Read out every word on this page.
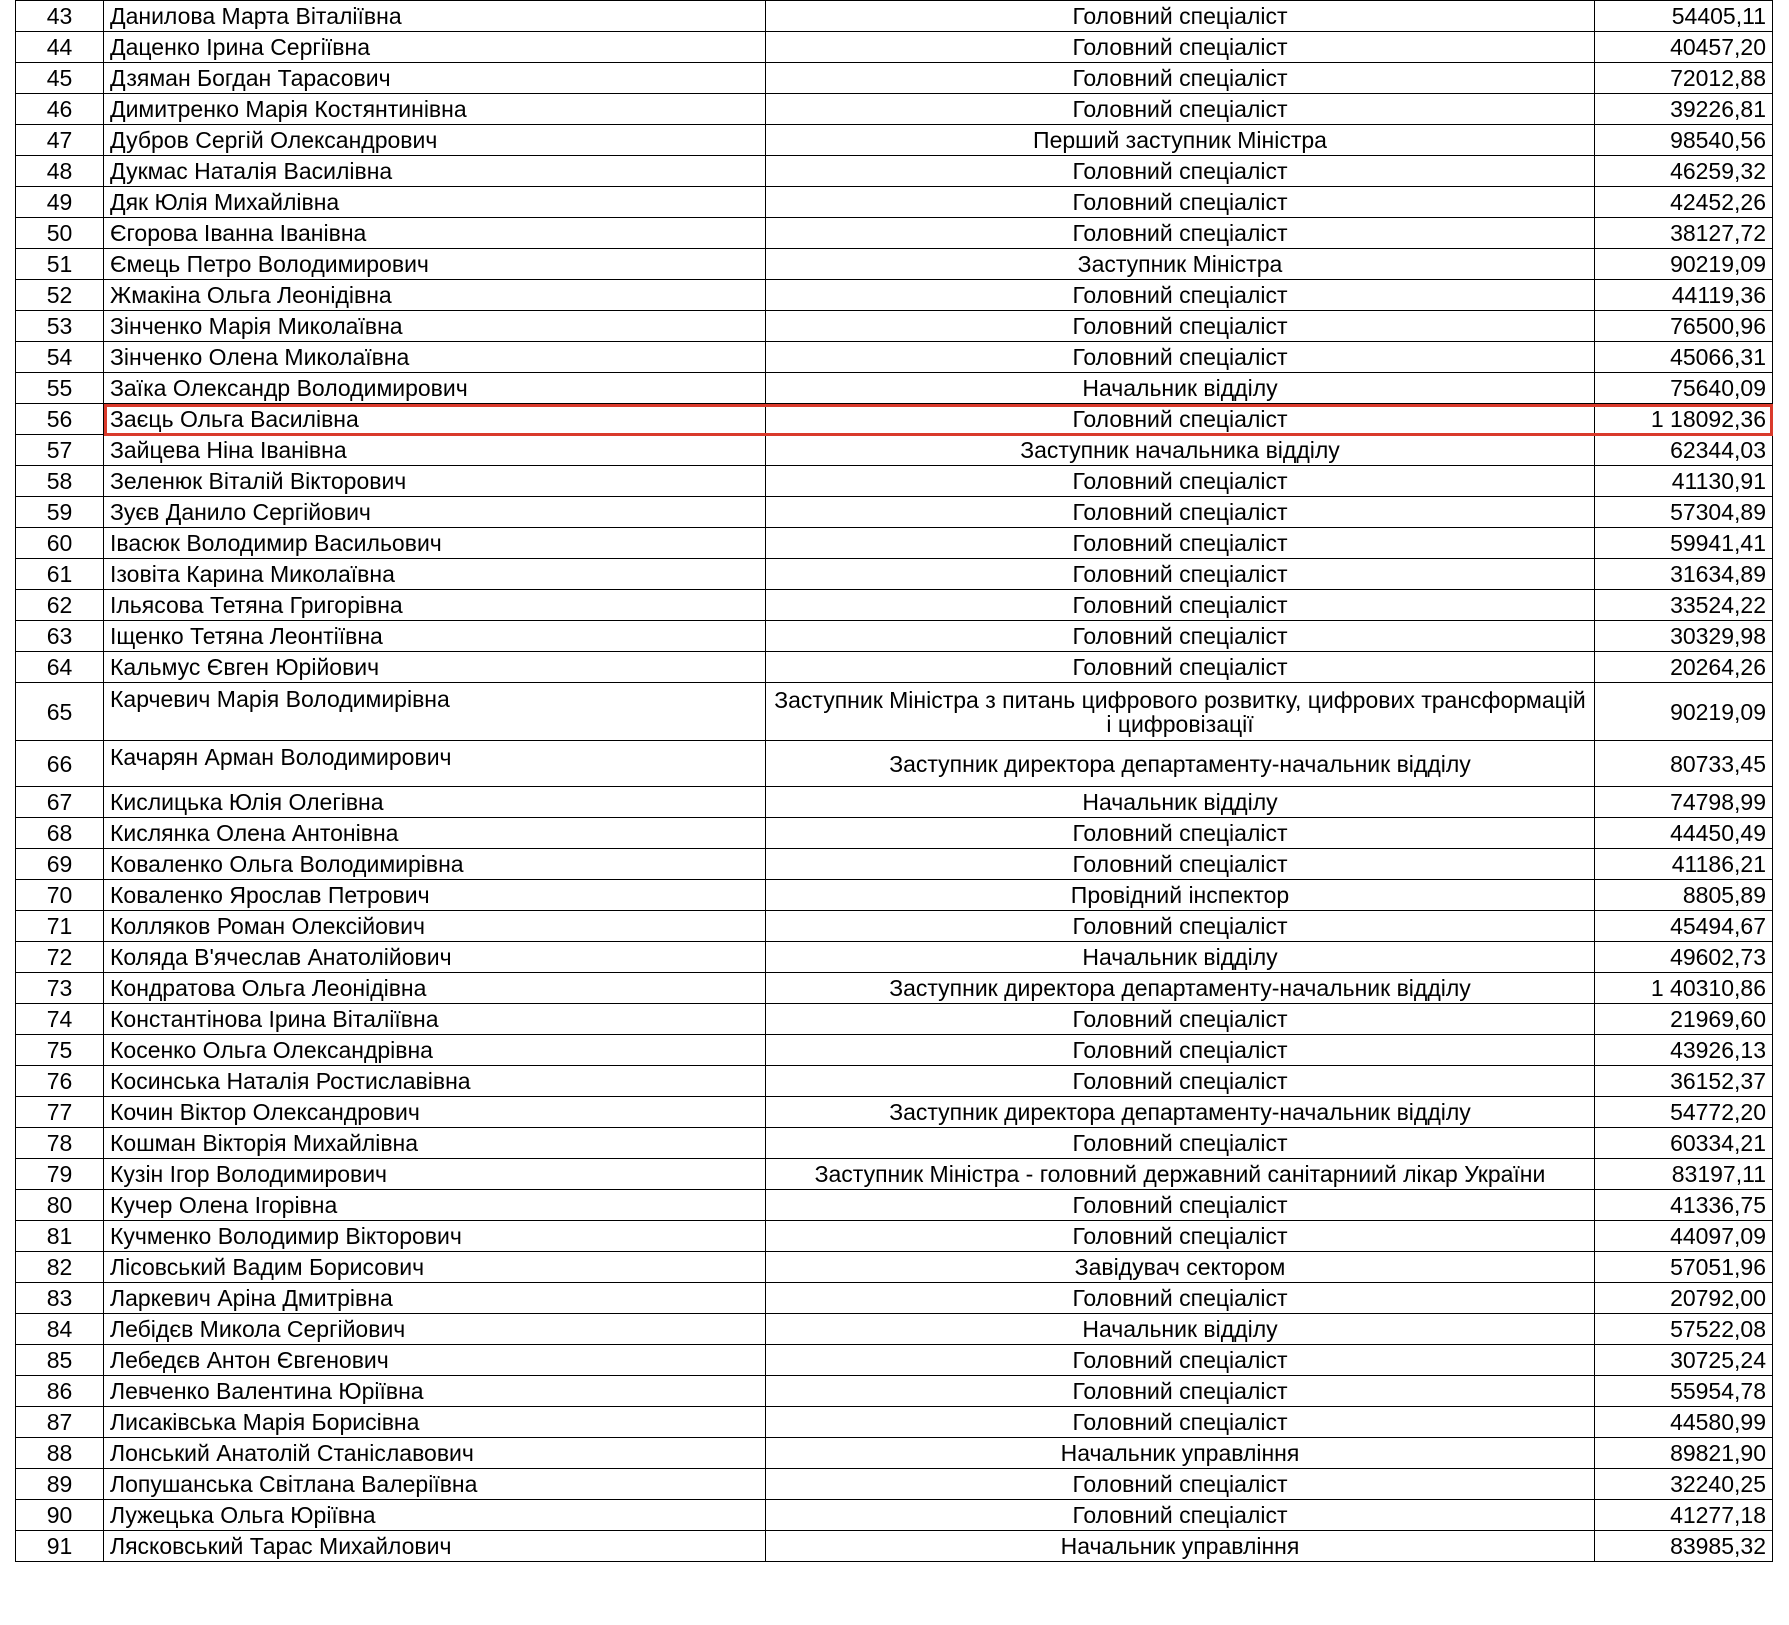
43	Данилова Марта Віталіївна	Головний спеціаліст	54405,11
44	Даценко Ірина Сергіївна	Головний спеціаліст	40457,20
45	Дзяман Богдан Тарасович	Головний спеціаліст	72012,88
46	Димитренко Марія Костянтинівна	Головний спеціаліст	39226,81
47	Дубров Сергій Олександрович	Перший заступник Міністра	98540,56
48	Дукмас Наталія Василівна	Головний спеціаліст	46259,32
49	Дяк Юлія Михайлівна	Головний спеціаліст	42452,26
50	Єгорова Іванна Іванівна	Головний спеціаліст	38127,72
51	Ємець Петро Володимирович	Заступник Міністра	90219,09
52	Жмакіна Ольга Леонідівна	Головний спеціаліст	44119,36
53	Зінченко Марія Миколаївна	Головний спеціаліст	76500,96
54	Зінченко Олена Миколаївна	Головний спеціаліст	45066,31
55	Заїка Олександр Володимирович	Начальник відділу	75640,09
56	Заєць Ольга Василівна	Головний спеціаліст	1 18092,36
57	Зайцева Ніна Іванівна	Заступник начальника відділу	62344,03
58	Зеленюк Віталій Вікторович	Головний спеціаліст	41130,91
59	Зуєв Данило Сергійович	Головний спеціаліст	57304,89
60	Івасюк Володимир Васильович	Головний спеціаліст	59941,41
61	Ізовіта Карина Миколаївна	Головний спеціаліст	31634,89
62	Ільясова Тетяна Григорівна	Головний спеціаліст	33524,22
63	Іщенко Тетяна Леонтіївна	Головний спеціаліст	30329,98
64	Кальмус Євген Юрійович	Головний спеціаліст	20264,26
65	Карчевич Марія Володимирівна	Заступник Міністра з питань цифрового розвитку, цифрових трансформацій і цифровізації	90219,09
66	Качарян Арман Володимирович	Заступник директора департаменту-начальник відділу	80733,45
67	Кислицька Юлія Олегівна	Начальник відділу	74798,99
68	Кислянка Олена Антонівна	Головний спеціаліст	44450,49
69	Коваленко Ольга Володимирівна	Головний спеціаліст	41186,21
70	Коваленко Ярослав Петрович	Провідний інспектор	8805,89
71	Колляков Роман Олексійович	Головний спеціаліст	45494,67
72	Коляда В'ячеслав Анатолійович	Начальник відділу	49602,73
73	Кондратова Ольга Леонідівна	Заступник директора департаменту-начальник відділу	1 40310,86
74	Константінова Ірина Віталіївна	Головний спеціаліст	21969,60
75	Косенко Ольга Олександрівна	Головний спеціаліст	43926,13
76	Косинська Наталія Ростиславівна	Головний спеціаліст	36152,37
77	Кочин Віктор Олександрович	Заступник директора департаменту-начальник відділу	54772,20
78	Кошман Вікторія Михайлівна	Головний спеціаліст	60334,21
79	Кузін Ігор Володимирович	Заступник Міністра - головний державний санітарниий лікар України	83197,11
80	Кучер Олена Ігорівна	Головний спеціаліст	41336,75
81	Кучменко Володимир Вікторович	Головний спеціаліст	44097,09
82	Лісовський Вадим Борисович	Завідувач сектором	57051,96
83	Ларкевич Аріна Дмитрівна	Головний спеціаліст	20792,00
84	Лебідєв Микола Сергійович	Начальник відділу	57522,08
85	Лебедєв Антон Євгенович	Головний спеціаліст	30725,24
86	Левченко Валентина Юріївна	Головний спеціаліст	55954,78
87	Лисаківська Марія Борисівна	Головний спеціаліст	44580,99
88	Лонський Анатолій Станіславович	Начальник управління	89821,90
89	Лопушанська Світлана Валеріївна	Головний спеціаліст	32240,25
90	Лужецька Ольга Юріївна	Головний спеціаліст	41277,18
91	Лясковський Тарас Михайлович	Начальник управління	83985,32
